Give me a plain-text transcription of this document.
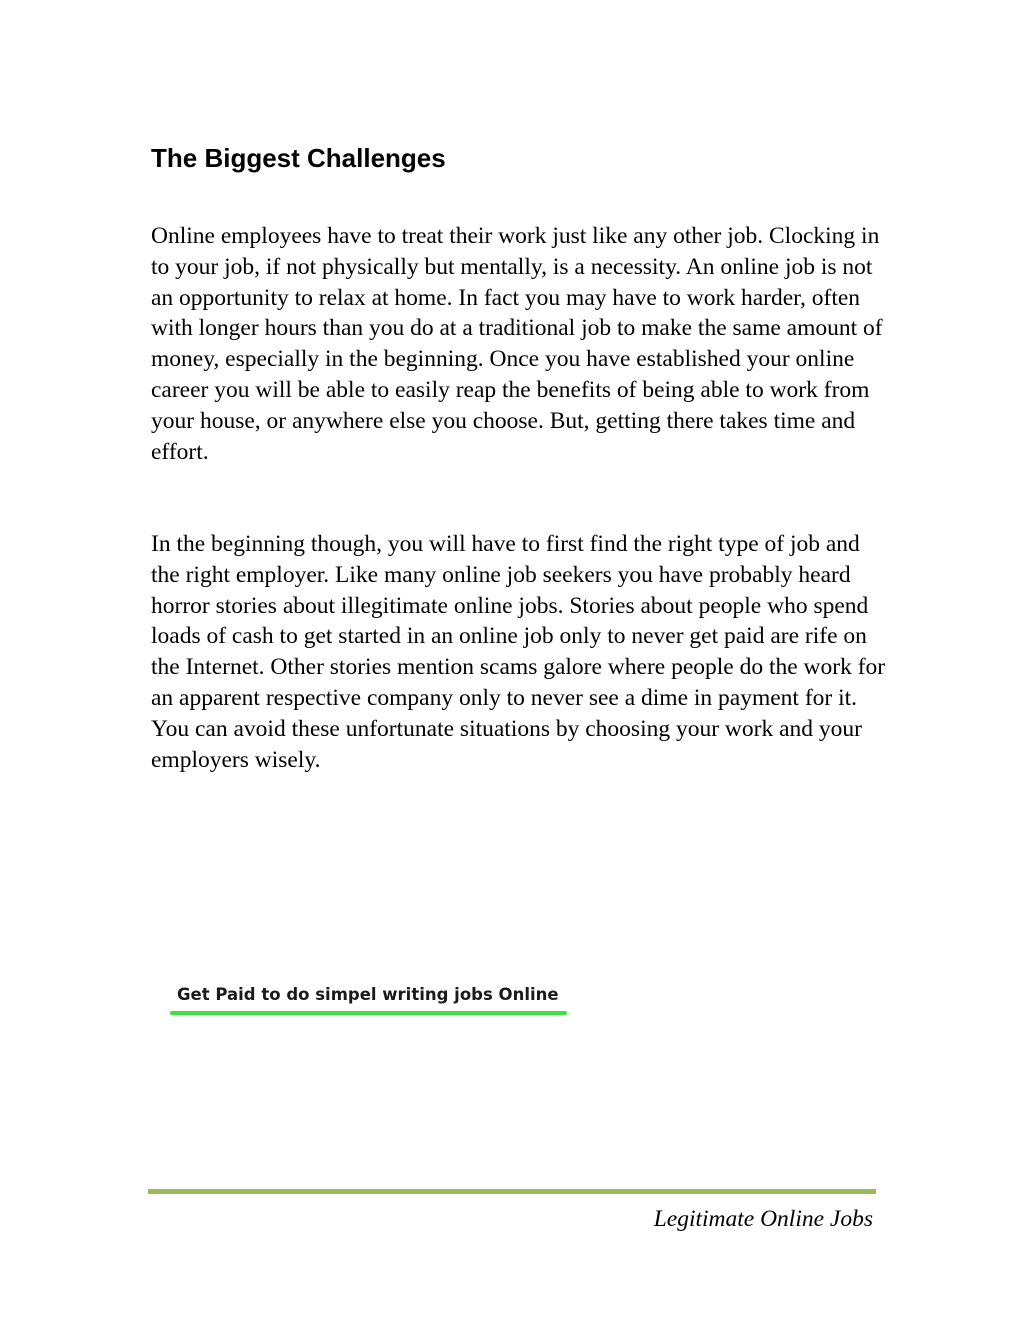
The Biggest Challenges

Online employees have to treat their work just like any other job. Clocking in to your job, if not physically but mentally, is a necessity. An online job is not an opportunity to relax at home. In fact you may have to work harder, often with longer hours than you do at a traditional job to make the same amount of money, especially in the beginning. Once you have established your online career you will be able to easily reap the benefits of being able to work from your house, or anywhere else you choose. But, getting there takes time and effort.

In the beginning though, you will have to first find the right type of job and the right employer. Like many online job seekers you have probably heard horror stories about illegitimate online jobs. Stories about people who spend loads of cash to get started in an online job only to never get paid are rife on the Internet. Other stories mention scams galore where people do the work for an apparent respective company only to never see a dime in payment for it. You can avoid these unfortunate situations by choosing your work and your employers wisely.

Get Paid to do simpel writing jobs Online
Legitimate Online Jobs
